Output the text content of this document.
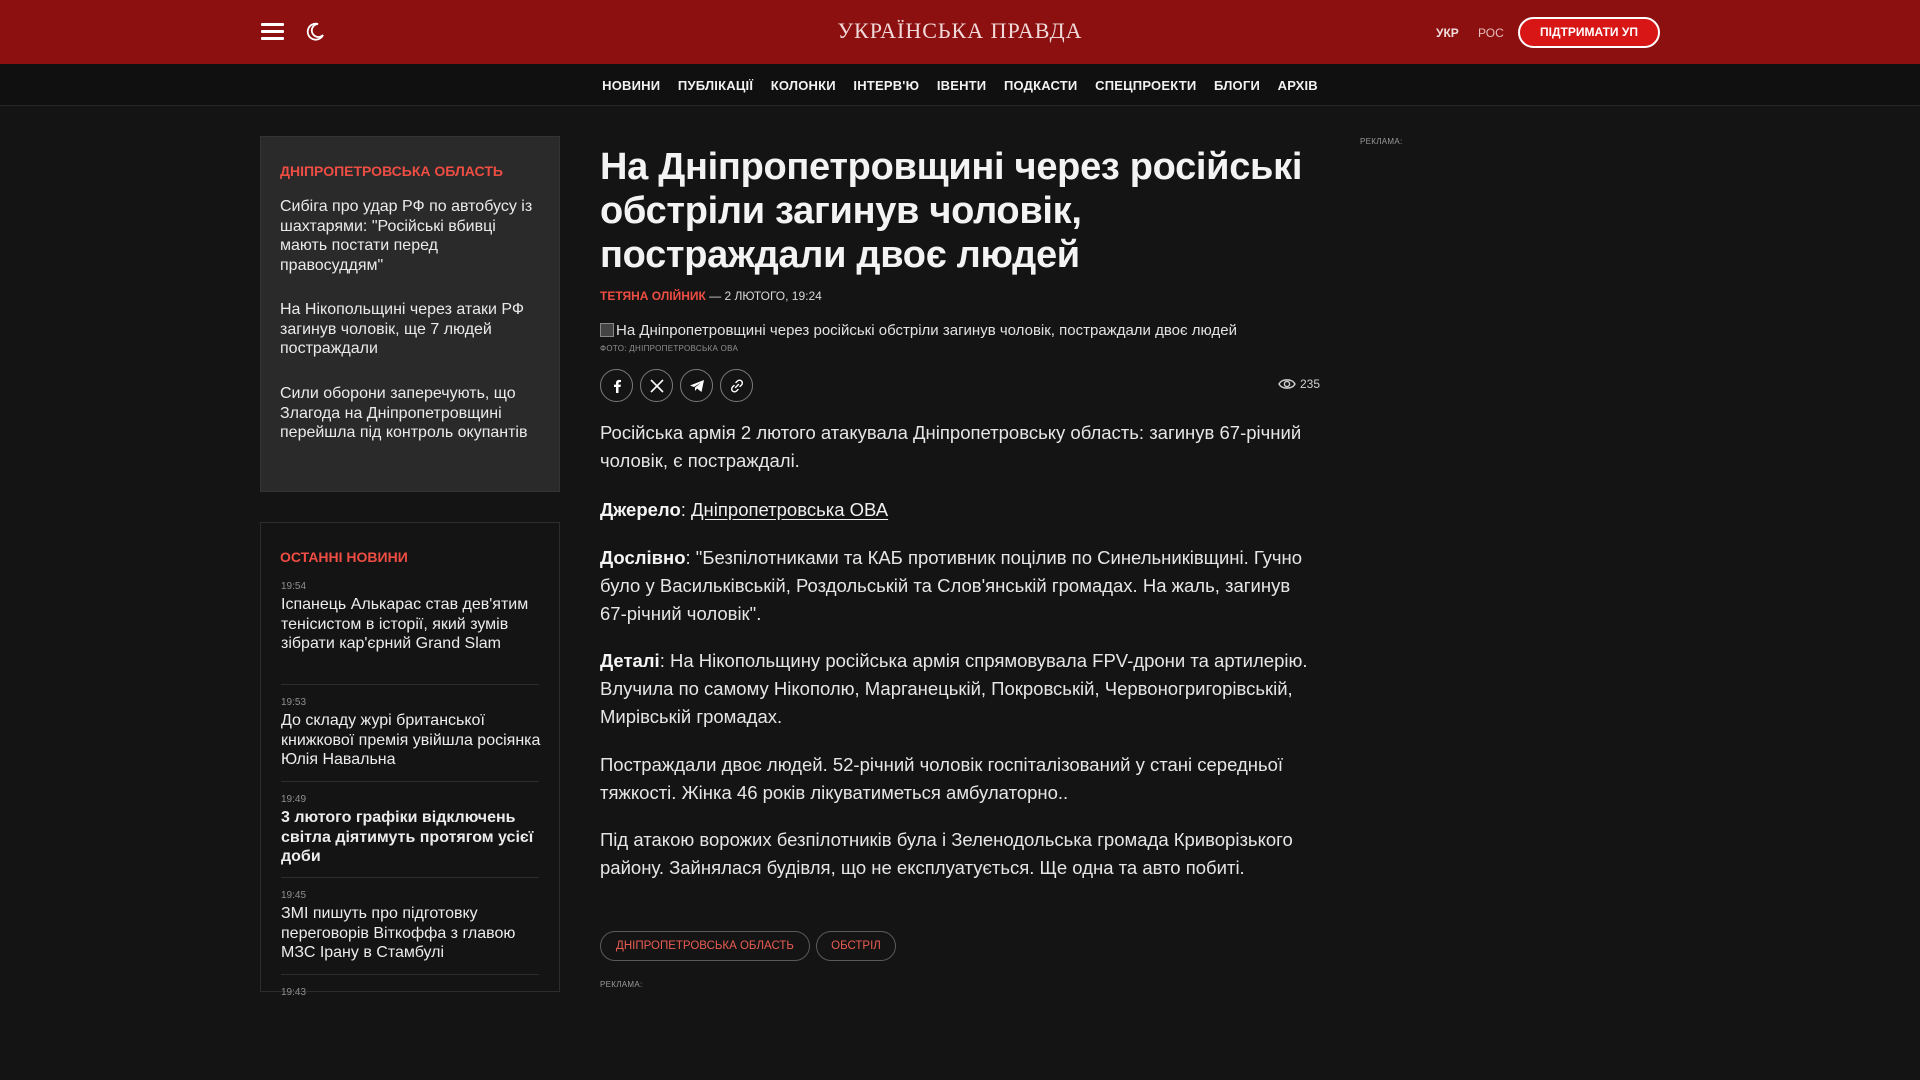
УКРАЇНСЬКА ПРАВДА	УКР РОС	ПІДТРИМАТИ УП
НОВИНИ ПУБЛІКАЦІЇ КОЛОНКИ ІНТЕРВ'Ю ІВЕНТИ ПОДКАСТИ СПЕЦПРОЕКТИ БЛОГИ АРХІВ
ДНІПРОПЕТРОВСЬКА ОБЛАСТЬ
Сибіга про удар РФ по автобусу із шахтарями: "Російські вбивці мають постати перед правосуддям"
На Нікопольщині через атаки РФ загинув чоловік, ще 7 людей постраждали
Сили оборони заперечують, що Злагода на Дніпропетровщині перейшла під контроль окупантів
ОСТАННІ НОВИНИ
19:54
Іспанець Алькарас став дев'ятим тенісистом в історії, який зумів зібрати кар'єрний Grand Slam
19:53
До складу журі британської книжкової премія увійшла росіянка Юлія Навальна
19:49
3 лютого графіки відключень світла діятимуть протягом усієї доби
19:45
ЗМІ пишуть про підготовку переговорів Віткоффа з главою МЗС Ірану в Стамбулі
19:43
На Дніпропетровщині через російські обстріли загинув чоловік, постраждали двоє людей
ТЕТЯНА ОЛІЙНИК — 2 ЛЮТОГО, 19:24
На Дніпропетровщині через російські обстріли загинув чоловік, постраждали двоє людей
ФОТО: ДНІПРОПЕТРОВСЬКА ОВА
235

Російська армія 2 лютого атакувала Дніпропетровську область: загинув 67-річний чоловік, є постраждалі.

Джерело: Дніпропетровська ОВА

Дослівно: "Безпілотниками та КАБ противник поцілив по Синельниківщині. Гучно було у Васильківській, Роздольській та Слов'янській громадах. На жаль, загинув 67-річний чоловік".

Деталі: На Нікопольщину російська армія спрямовувала FPV-дрони та артилерію. Влучила по самому Нікополю, Марганецькій, Покровській, Червоногригорівській, Мирівській громадах.

Постраждали двоє людей. 52-річний чоловік госпіталізований у стані середньої тяжкості. Жінка 46 років лікуватиметься амбулаторно..

Під атакою ворожих безпілотників була і Зеленодольська громада Криворізького району. Зайнялася будівля, що не експлуатується. Ще одна та авто побиті.

ДНІПРОПЕТРОВСЬКА ОБЛАСТЬ	ОБСТРІЛ
РЕКЛАМА:
РЕКЛАМА:
